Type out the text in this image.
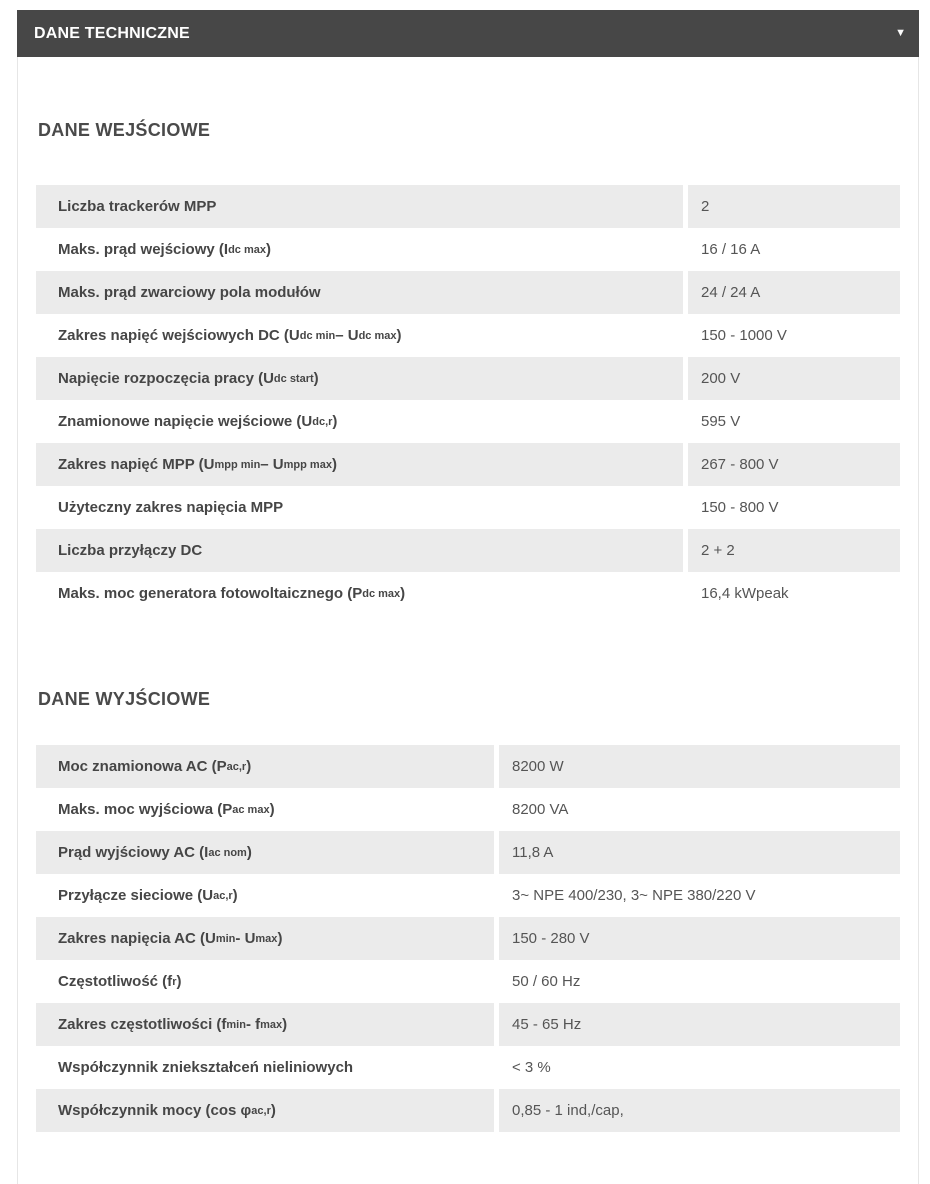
DANE TECHNICZNE	▼
DANE WEJŚCIOWE
Liczba trackerów MPP	2
Maks. prąd wejściowy (I dc max )	16 / 16 A
Maks. prąd zwarciowy pola modułów	24 / 24 A
Zakres napięć wejściowych DC (U dc min – U dc max )	150 - 1000 V
Napięcie rozpoczęcia pracy (U dc start )	200 V
Znamionowe napięcie wejściowe (U dc,r )	595 V
Zakres napięć MPP (U mpp min – U mpp max )	267 - 800 V
Użyteczny zakres napięcia MPP	150 - 800 V
Liczba przyłączy DC	2 + 2
Maks. moc generatora fotowoltaicznego (P dc max )	16,4 kWpeak
DANE WYJŚCIOWE
Moc znamionowa AC (P ac,r )	8200 W
Maks. moc wyjściowa (P ac max )	8200 VA
Prąd wyjściowy AC (I ac nom )	11,8 A
Przyłącze sieciowe (U ac,r )	3~ NPE 400/230, 3~ NPE 380/220 V
Zakres napięcia AC (U min - U max )	150 - 280 V
Częstotliwość (f r )	50 / 60 Hz
Zakres częstotliwości (f min - f max )	45 - 65 Hz
Współczynnik zniekształceń nieliniowych	< 3 %
Współczynnik mocy (cos φ ac,r )	0,85 - 1 ind,/cap,
